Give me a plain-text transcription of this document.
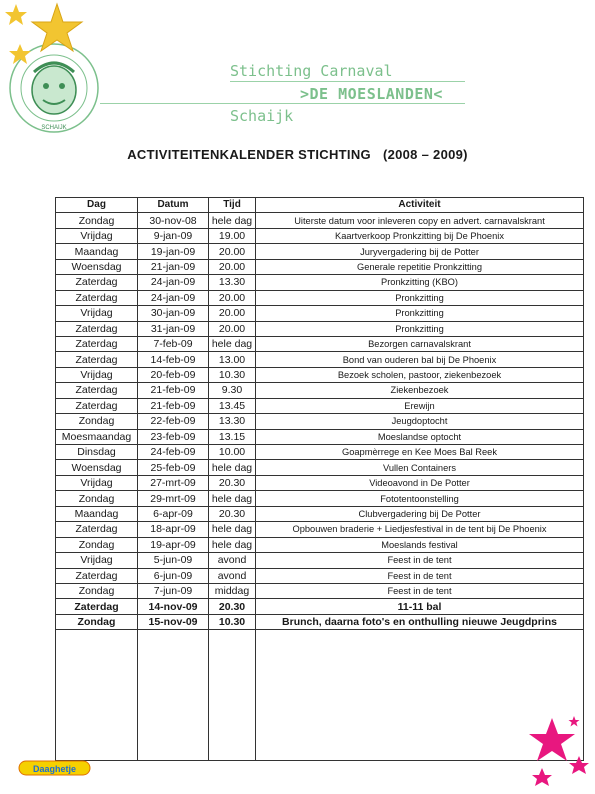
SCHAIJK
Stichting Carnaval
>DE MOESLANDEN<
Schaijk
ACTIVITEITENKALENDER STICHTING (2008 – 2009)
Dag	Datum	Tijd	Activiteit
Zondag	30-nov-08	hele dag	Uiterste datum voor inleveren copy en advert. carnavalskrant
Vrijdag	9-jan-09	19.00	Kaartverkoop Pronkzitting bij De Phoenix
Maandag	19-jan-09	20.00	Juryvergadering bij de Potter
Woensdag	21-jan-09	20.00	Generale repetitie Pronkzitting
Zaterdag	24-jan-09	13.30	Pronkzitting (KBO)
Zaterdag	24-jan-09	20.00	Pronkzitting
Vrijdag	30-jan-09	20.00	Pronkzitting
Zaterdag	31-jan-09	20.00	Pronkzitting
Zaterdag	7-feb-09	hele dag	Bezorgen carnavalskrant
Zaterdag	14-feb-09	13.00	Bond van ouderen bal bij De Phoenix
Vrijdag	20-feb-09	10.30	Bezoek scholen, pastoor, ziekenbezoek
Zaterdag	21-feb-09	9.30	Ziekenbezoek
Zaterdag	21-feb-09	13.45	Erewijn
Zondag	22-feb-09	13.30	Jeugdoptocht
Moesmaandag	23-feb-09	13.15	Moeslandse optocht
Dinsdag	24-feb-09	10.00	Goapmèrrege en Kee Moes Bal Reek
Woensdag	25-feb-09	hele dag	Vullen Containers
Vrijdag	27-mrt-09	20.30	Videoavond in De Potter
Zondag	29-mrt-09	hele dag	Fototentoonstelling
Maandag	6-apr-09	20.30	Clubvergadering bij De Potter
Zaterdag	18-apr-09	hele dag	Opbouwen braderie + Liedjesfestival in de tent bij De Phoenix
Zondag	19-apr-09	hele dag	Moeslands festival
Vrijdag	5-jun-09	avond	Feest in de tent
Zaterdag	6-jun-09	avond	Feest in de tent
Zondag	7-jun-09	middag	Feest in de tent
Zaterdag	14-nov-09	20.30	11-11 bal
Zondag	15-nov-09	10.30	Brunch, daarna foto's en onthulling nieuwe Jeugdprins

Daaghetje
